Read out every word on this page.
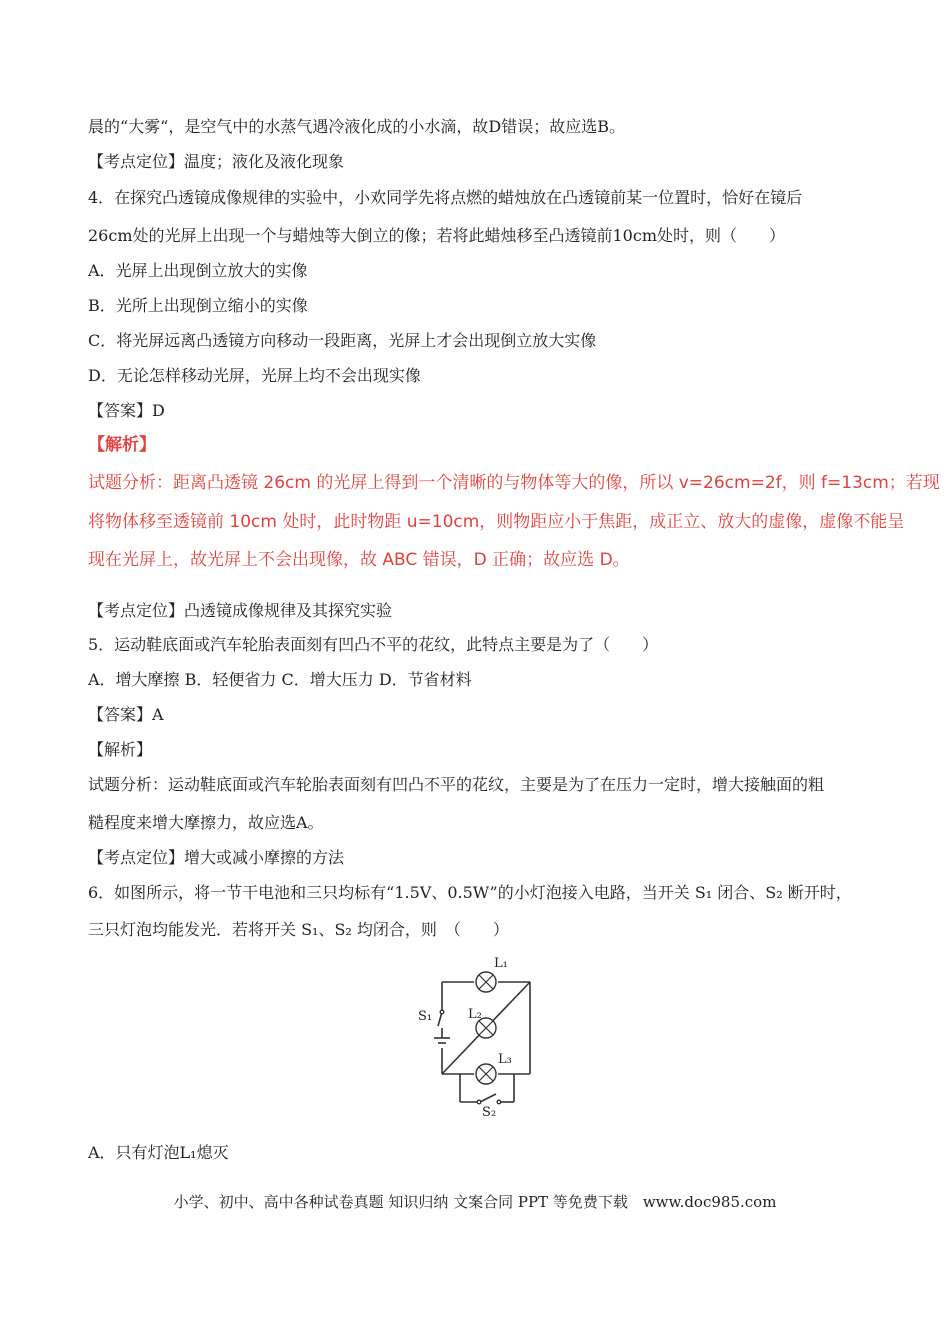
晨的“大雾“，是空气中的水蒸气遇冷液化成的小水滴，故D错误；故应选B。
【考点定位】温度；液化及液化现象
4．在探究凸透镜成像规律的实验中，小欢同学先将点燃的蜡烛放在凸透镜前某一位置时，恰好在镜后
26cm处的光屏上出现一个与蜡烛等大倒立的像；若将此蜡烛移至凸透镜前10cm处时，则（　　）
A．光屏上出现倒立放大的实像
B．光所上出现倒立缩小的实像
C．将光屏远离凸透镜方向移动一段距离，光屏上才会出现倒立放大实像
D．无论怎样移动光屏，光屏上均不会出现实像
【答案】D
【解析】
试题分析：距离凸透镜 26cm 的光屏上得到一个清晰的与物体等大的像，所以 v=26cm=2f，则 f=13cm；若现
将物体移至透镜前 10cm 处时，此时物距 u=10cm，则物距应小于焦距，成正立、放大的虚像，虚像不能呈
现在光屏上，故光屏上不会出现像，故 ABC 错误，D 正确；故应选 D。
【考点定位】凸透镜成像规律及其探究实验
5．运动鞋底面或汽车轮胎表面刻有凹凸不平的花纹，此特点主要是为了（　　）
A．增大摩擦 B．轻便省力 C．增大压力 D．节省材料
【答案】A
【解析】
试题分析：运动鞋底面或汽车轮胎表面刻有凹凸不平的花纹，主要是为了在压力一定时，增大接触面的粗
糙程度来增大摩擦力，故应选A。
【考点定位】增大或减小摩擦的方法
6．如图所示，将一节干电池和三只均标有“1.5V、0.5W”的小灯泡接入电路，当开关 S₁ 闭合、S₂ 断开时，
三只灯泡均能发光．若将开关 S₁、S₂ 均闭合，则　（　　）
L₁
L₂
L₃
S₁
S₂
A．只有灯泡L₁熄灭
小学、初中、高中各种试卷真题 知识归纳 文案合同 PPT 等免费下载　www.doc985.com
